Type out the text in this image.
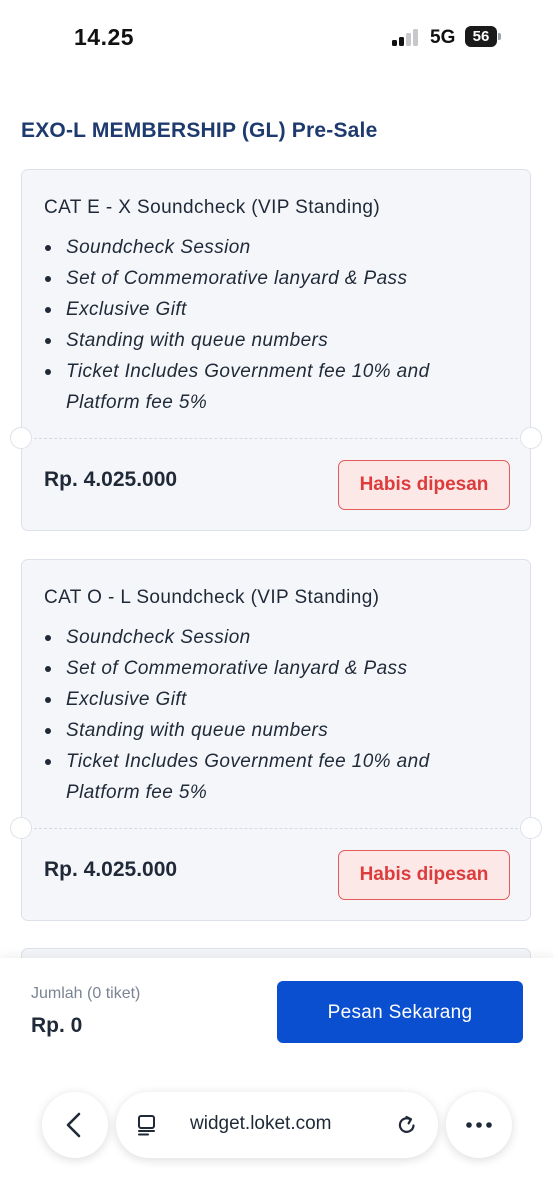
14.25	5G	56
EXO-L MEMBERSHIP (GL) Pre-Sale
CAT E - X Soundcheck (VIP Standing)
Soundcheck Session
Set of Commemorative lanyard & Pass
Exclusive Gift
Standing with queue numbers
Ticket Includes Government fee 10% and Platform fee 5%
Rp. 4.025.000	Habis dipesan
CAT O - L Soundcheck (VIP Standing)
Soundcheck Session
Set of Commemorative lanyard & Pass
Exclusive Gift
Standing with queue numbers
Ticket Includes Government fee 10% and Platform fee 5%
Rp. 4.025.000	Habis dipesan
Jumlah (0 tiket)
Rp. 0
Pesan Sekarang
widget.loket.com
